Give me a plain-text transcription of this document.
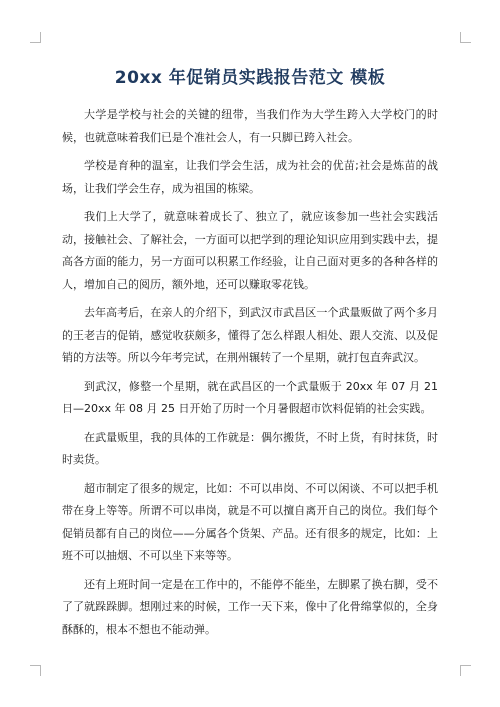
20xx 年促销员实践报告范文 模板

大学是学校与社会的关键的纽带，当我们作为大学生跨入大学校门的时候，也就意味着我们已是个准社会人，有一只脚已跨入社会。

学校是育种的温室，让我们学会生活，成为社会的优苗;社会是炼苗的战场，让我们学会生存，成为祖国的栋梁。

我们上大学了，就意味着成长了、独立了，就应该参加一些社会实践活动，接触社会、了解社会，一方面可以把学到的理论知识应用到实践中去，提高各方面的能力，另一方面可以积累工作经验，让自己面对更多的各种各样的人，增加自己的阅历，额外地，还可以赚取零花钱。

去年高考后，在亲人的介绍下，到武汉市武昌区一个武量贩做了两个多月的王老吉的促销，感觉收获颇多，懂得了怎么样跟人相处、跟人交流、以及促销的方法等。所以今年考完试，在荆州辗转了一个星期，就打包直奔武汉。

到武汉，修整一个星期，就在武昌区的一个武量贩于 20xx 年 07 月 21 日—20xx 年 08 月 25 日开始了历时一个月暑假超市饮料促销的社会实践。

在武量贩里，我的具体的工作就是：偶尔搬货，不时上货，有时抹货，时时卖货。

超市制定了很多的规定，比如：不可以串岗、不可以闲谈、不可以把手机带在身上等等。所谓不可以串岗，就是不可以擅自离开自己的岗位。我们每个促销员都有自己的岗位——分属各个货架、产品。还有很多的规定，比如：上班不可以抽烟、不可以坐下来等等。

还有上班时间一定是在工作中的，不能停不能坐，左脚累了换右脚，受不了了就跺跺脚。想刚过来的时候，工作一天下来，像中了化骨绵掌似的，全身酥酥的，根本不想也不能动弹。
